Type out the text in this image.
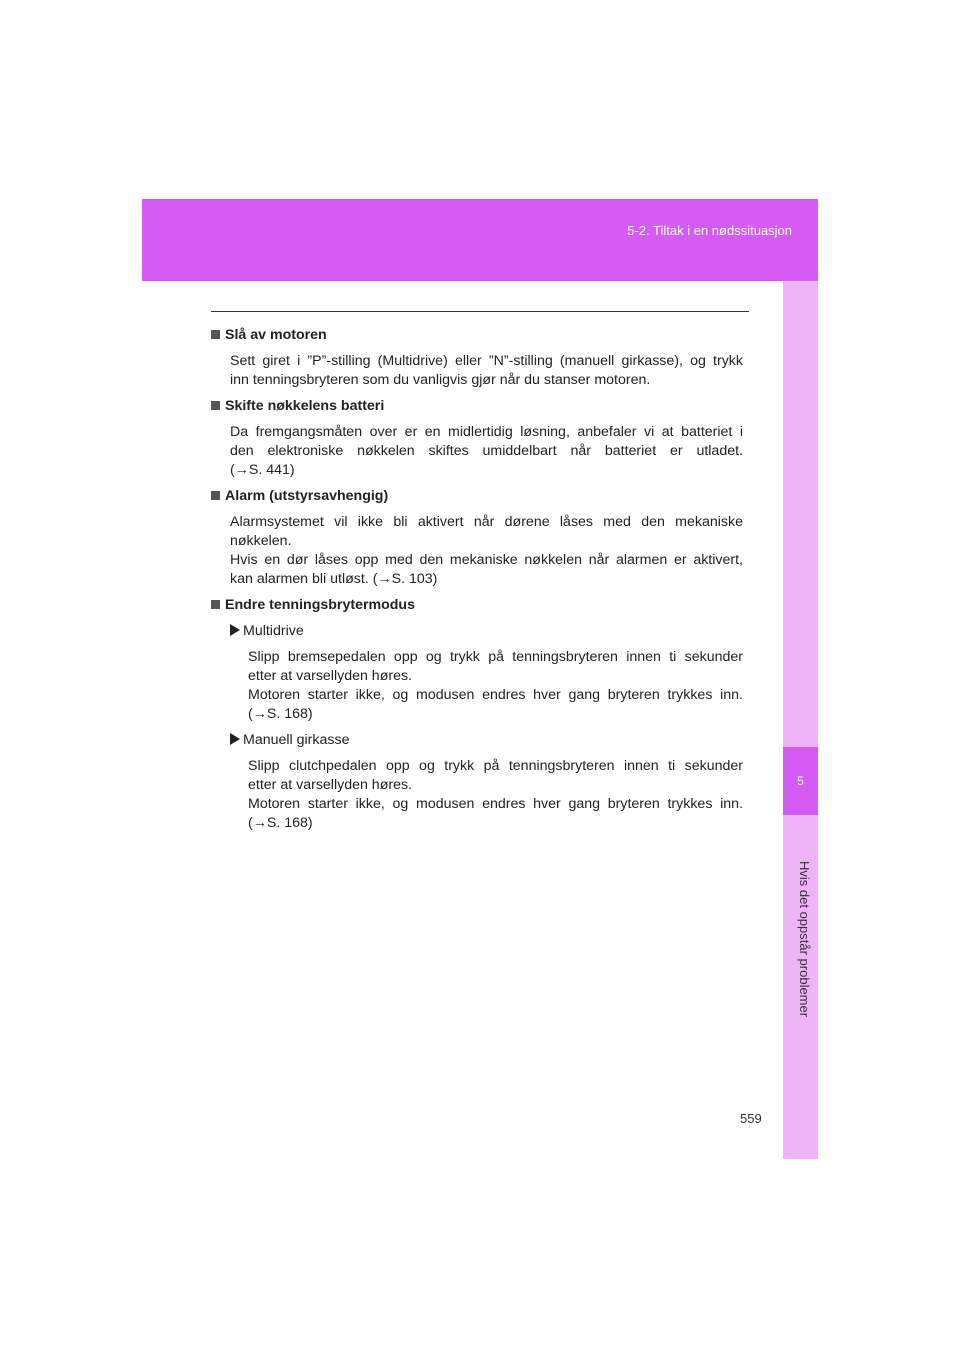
5-2. Tiltak i en nødssituasjon
5
Hvis det oppstår problemer
Slå av motoren
Sett giret i ”P”-stilling (Multidrive) eller ”N”-stilling (manuell girkasse), og trykk
inn tenningsbryteren som du vanligvis gjør når du stanser motoren.
Skifte nøkkelens batteri
Da fremgangsmåten over er en midlertidig løsning, anbefaler vi at batteriet i
den elektroniske nøkkelen skiftes umiddelbart når batteriet er utladet.
(→S. 441)
Alarm (utstyrsavhengig)
Alarmsystemet vil ikke bli aktivert når dørene låses med den mekaniske
nøkkelen.
Hvis en dør låses opp med den mekaniske nøkkelen når alarmen er aktivert,
kan alarmen bli utløst. (→S. 103)
Endre tenningsbrytermodus
Multidrive
Slipp bremsepedalen opp og trykk på tenningsbryteren innen ti sekunder
etter at varsellyden høres.
Motoren starter ikke, og modusen endres hver gang bryteren trykkes inn.
(→S. 168)
Manuell girkasse
Slipp clutchpedalen opp og trykk på tenningsbryteren innen ti sekunder
etter at varsellyden høres.
Motoren starter ikke, og modusen endres hver gang bryteren trykkes inn.
(→S. 168)
559
